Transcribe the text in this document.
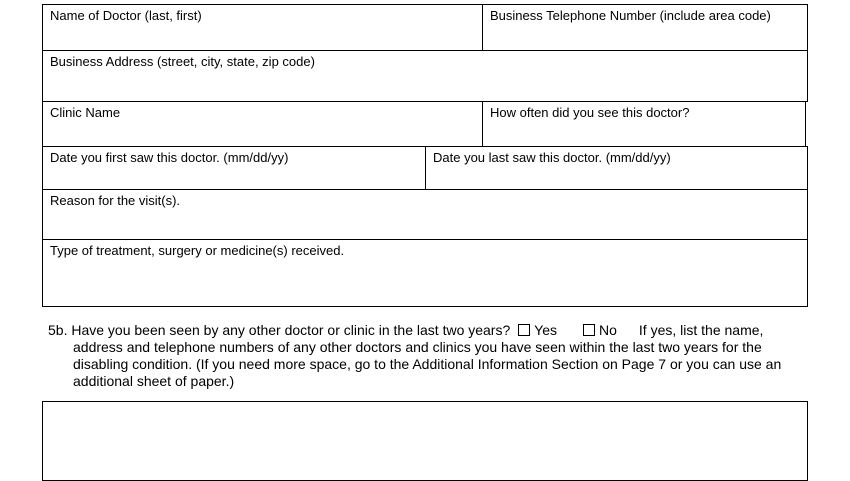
Name of Doctor (last, first)	Business Telephone Number (include area code)
Business Address (street, city, state, zip code)
Clinic Name	How often did you see this doctor?
Date you first saw this doctor. (mm/dd/yy)	Date you last saw this doctor. (mm/dd/yy)
Reason for the visit(s).
Type of treatment, surgery or medicine(s) received.
5b. Have you been seen by any other doctor or clinic in the last two years? Yes	No If yes, list the name,
address and telephone numbers of any other doctors and clinics you have seen within the last two years for the
disabling condition. (If you need more space, go to the Additional Information Section on Page 7 or you can use an
additional sheet of paper.)
